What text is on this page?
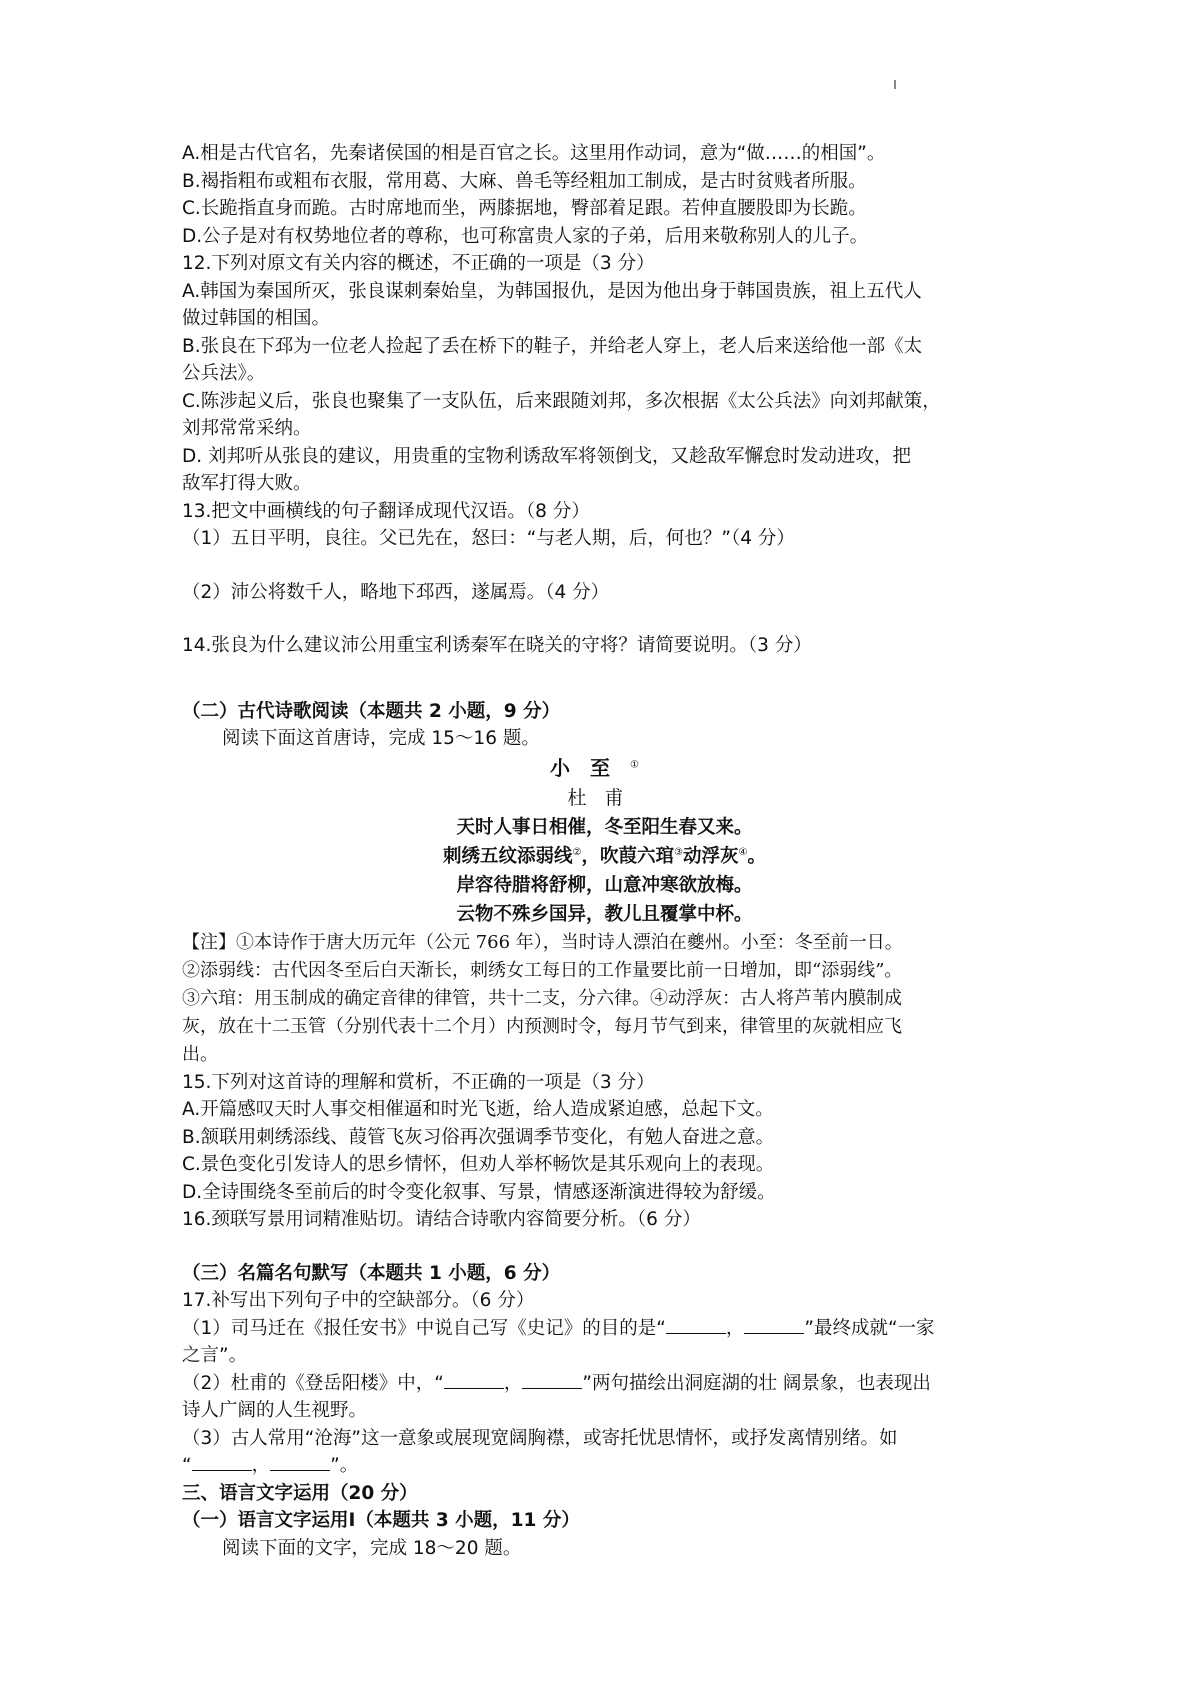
A.相是古代官名，先秦诸侯国的相是百官之长。这里用作动词，意为“做……的相国”。

B.褐指粗布或粗布衣服，常用葛、大麻、兽毛等经粗加工制成，是古时贫贱者所服。

C.长跪指直身而跪。古时席地而坐，两膝据地，臀部着足跟。若伸直腰股即为长跪。

D.公子是对有权势地位者的尊称，也可称富贵人家的子弟，后用来敬称别人的儿子。

12.下列对原文有关内容的概述，不正确的一项是（3 分）

A.韩国为秦国所灭，张良谋刺秦始皇，为韩国报仇，是因为他出身于韩国贵族，祖上五代人

做过韩国的相国。

B.张良在下邳为一位老人捡起了丢在桥下的鞋子，并给老人穿上，老人后来送给他一部《太

公兵法》。

C.陈涉起义后，张良也聚集了一支队伍，后来跟随刘邦，多次根据《太公兵法》向刘邦献策，

刘邦常常采纳。

D. 刘邦听从张良的建议，用贵重的宝物利诱敌军将领倒戈，又趁敌军懈怠时发动进攻，把

敌军打得大败。

13.把文中画横线的句子翻译成现代汉语。（8 分）

（1）五日平明，良往。父已先在，怒曰：“与老人期，后，何也？”（4 分）

（2）沛公将数千人，略地下邳西，遂属焉。（4 分）

14.张良为什么建议沛公用重宝利诱秦军在晓关的守将？请简要说明。（3 分）

（二）古代诗歌阅读（本题共 2 小题，9 分）

阅读下面这首唐诗，完成 15～16 题。

小至①

杜甫

天时人事日相催，冬至阳生春又来。

刺绣五纹添弱线②，吹葭六琯③动浮灰④。

岸容待腊将舒柳，山意冲寒欲放梅。

云物不殊乡国异，教儿且覆掌中杯。

【注】①本诗作于唐大历元年（公元 766 年），当时诗人漂泊在夔州。小至：冬至前一日。

②添弱线：古代因冬至后白天渐长，刺绣女工每日的工作量要比前一日增加，即“添弱线”。

③六琯：用玉制成的确定音律的律管，共十二支，分六律。④动浮灰：古人将芦苇内膜制成

灰，放在十二玉管（分别代表十二个月）内预测时令，每月节气到来，律管里的灰就相应飞

出。

15.下列对这首诗的理解和赏析，不正确的一项是（3 分）

A.开篇感叹天时人事交相催逼和时光飞逝，给人造成紧迫感，总起下文。

B.颔联用刺绣添线、葭管飞灰习俗再次强调季节变化，有勉人奋进之意。

C.景色变化引发诗人的思乡情怀，但劝人举杯畅饮是其乐观向上的表现。

D.全诗围绕冬至前后的时令变化叙事、写景，情感逐渐演进得较为舒缓。

16.颈联写景用词精准贴切。请结合诗歌内容简要分析。（6 分）

（三）名篇名句默写（本题共 1 小题，6 分）

17.补写出下列句子中的空缺部分。（6 分）

（1）司马迁在《报任安书》中说自己写《史记》的目的是“	，	”最终成就“一家

之言”。

（2）杜甫的《登岳阳楼》中，“	，	”两句描绘出洞庭湖的壮 阔景象，也表现出

诗人广阔的人生视野。

（3）古人常用“沧海”这一意象或展现宽阔胸襟，或寄托忧思情怀，或抒发离情别绪。如

“	，	”。

三、语言文字运用（20 分）

（一）语言文字运用Ⅰ（本题共 3 小题，11 分）

阅读下面的文字，完成 18～20 题。
